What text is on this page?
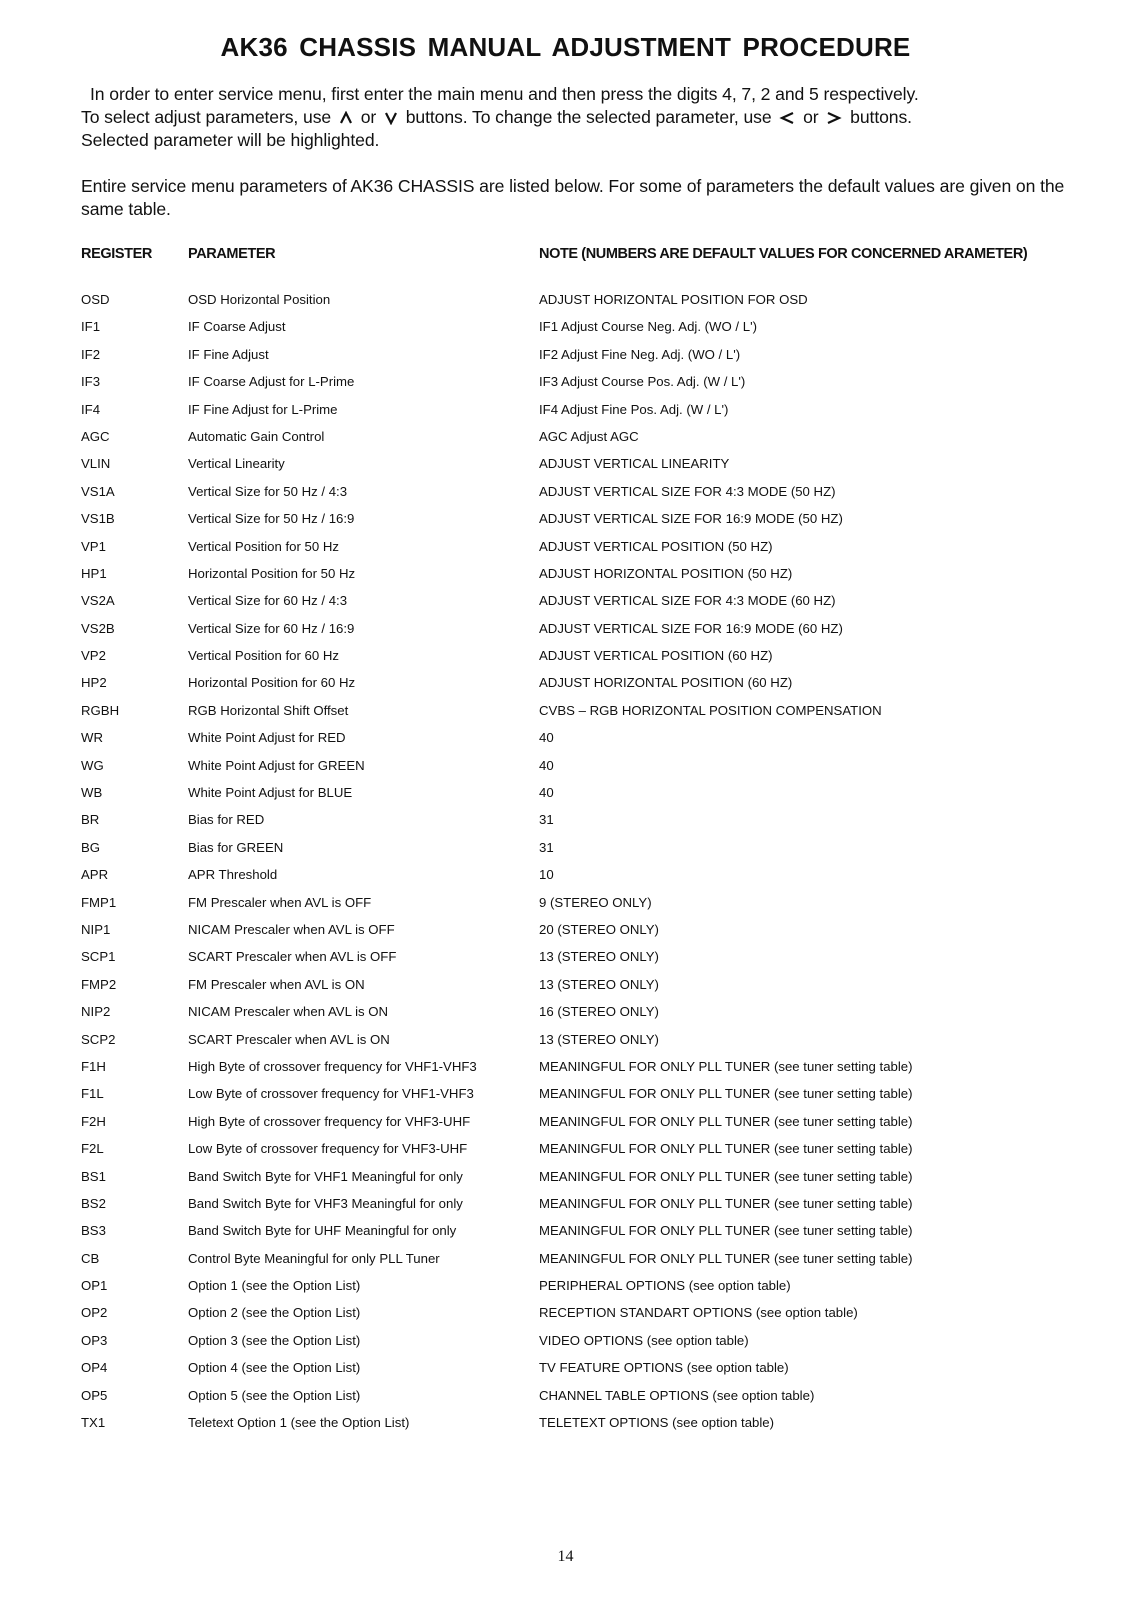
AK36 CHASSIS MANUAL ADJUSTMENT PROCEDURE

In order to enter service menu, first enter the main menu and then press the digits 4, 7, 2 and 5 respectively.

To select adjust parameters, use or buttons. To change the selected parameter, use or buttons.

Selected parameter will be highlighted.

Entire service menu parameters of AK36 CHASSIS are listed below. For some of parameters the default values are given on the same table.

REGISTER PARAMETER	NOTE (NUMBERS ARE DEFAULT VALUES FOR CONCERNED ARAMETER)
OSD	OSD Horizontal Position	ADJUST HORIZONTAL POSITION FOR OSD
IF1	IF Coarse Adjust	IF1 Adjust Course Neg. Adj. (WO / L')
IF2	IF Fine Adjust	IF2 Adjust Fine Neg. Adj. (WO / L')
IF3	IF Coarse Adjust for L-Prime	IF3 Adjust Course Pos. Adj. (W / L')
IF4	IF Fine Adjust for L-Prime	IF4 Adjust Fine Pos. Adj. (W / L')
AGC	Automatic Gain Control	AGC Adjust AGC
VLIN	Vertical Linearity	ADJUST VERTICAL LINEARITY
VS1A	Vertical Size for 50 Hz / 4:3	ADJUST VERTICAL SIZE FOR 4:3 MODE (50 HZ)
VS1B	Vertical Size for 50 Hz / 16:9	ADJUST VERTICAL SIZE FOR 16:9 MODE (50 HZ)
VP1	Vertical Position for 50 Hz	ADJUST VERTICAL POSITION (50 HZ)
HP1	Horizontal Position for 50 Hz	ADJUST HORIZONTAL POSITION (50 HZ)
VS2A	Vertical Size for 60 Hz / 4:3	ADJUST VERTICAL SIZE FOR 4:3 MODE (60 HZ)
VS2B	Vertical Size for 60 Hz / 16:9	ADJUST VERTICAL SIZE FOR 16:9 MODE (60 HZ)
VP2	Vertical Position for 60 Hz	ADJUST VERTICAL POSITION (60 HZ)
HP2	Horizontal Position for 60 Hz	ADJUST HORIZONTAL POSITION (60 HZ)
RGBH	RGB Horizontal Shift Offset	CVBS – RGB HORIZONTAL POSITION COMPENSATION
WR	White Point Adjust for RED	40
WG	White Point Adjust for GREEN	40
WB	White Point Adjust for BLUE	40
BR	Bias for RED	31
BG	Bias for GREEN	31
APR	APR Threshold	10
FMP1	FM Prescaler when AVL is OFF	9 (STEREO ONLY)
NIP1	NICAM Prescaler when AVL is OFF	20 (STEREO ONLY)
SCP1	SCART Prescaler when AVL is OFF	13 (STEREO ONLY)
FMP2	FM Prescaler when AVL is ON	13 (STEREO ONLY)
NIP2	NICAM Prescaler when AVL is ON	16 (STEREO ONLY)
SCP2	SCART Prescaler when AVL is ON	13 (STEREO ONLY)
F1H	High Byte of crossover frequency for VHF1-VHF3	MEANINGFUL FOR ONLY PLL TUNER (see tuner setting table)
F1L	Low Byte of crossover frequency for VHF1-VHF3	MEANINGFUL FOR ONLY PLL TUNER (see tuner setting table)
F2H	High Byte of crossover frequency for VHF3-UHF	MEANINGFUL FOR ONLY PLL TUNER (see tuner setting table)
F2L	Low Byte of crossover frequency for VHF3-UHF	MEANINGFUL FOR ONLY PLL TUNER (see tuner setting table)
BS1	Band Switch Byte for VHF1 Meaningful for only	MEANINGFUL FOR ONLY PLL TUNER (see tuner setting table)
BS2	Band Switch Byte for VHF3 Meaningful for only	MEANINGFUL FOR ONLY PLL TUNER (see tuner setting table)
BS3	Band Switch Byte for UHF Meaningful for only	MEANINGFUL FOR ONLY PLL TUNER (see tuner setting table)
CB	Control Byte Meaningful for only PLL Tuner	MEANINGFUL FOR ONLY PLL TUNER (see tuner setting table)
OP1	Option 1 (see the Option List)	PERIPHERAL OPTIONS (see option table)
OP2	Option 2 (see the Option List)	RECEPTION STANDART OPTIONS (see option table)
OP3	Option 3 (see the Option List)	VIDEO OPTIONS (see option table)
OP4	Option 4 (see the Option List)	TV FEATURE OPTIONS (see option table)
OP5	Option 5 (see the Option List)	CHANNEL TABLE OPTIONS (see option table)
TX1	Teletext Option 1 (see the Option List)	TELETEXT OPTIONS (see option table)
14
